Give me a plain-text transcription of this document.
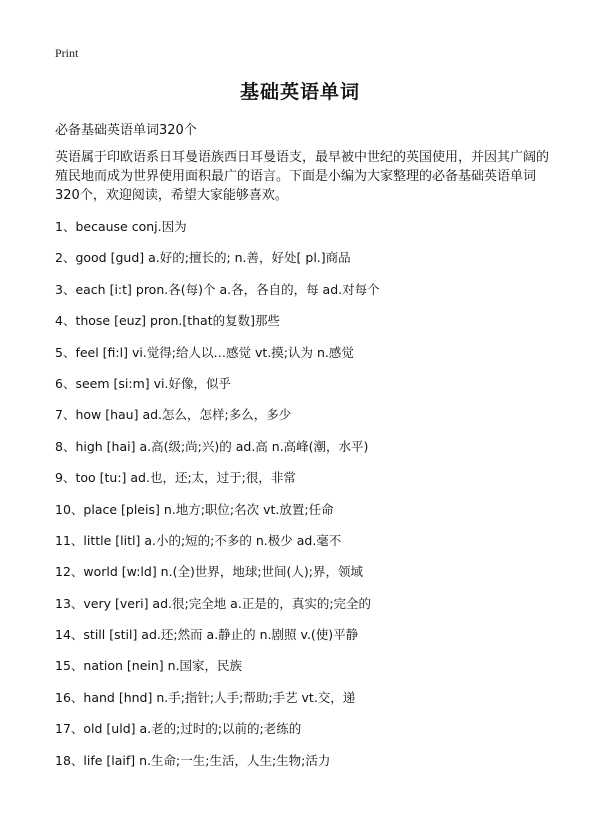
Print
基础英语单词

必备基础英语单词320个

英语属于印欧语系日耳曼语族西日耳曼语支，最早被中世纪的英国使用，并因其广阔的殖民地而成为世界使用面积最广的语言。下面是小编为大家整理的必备基础英语单词320个，欢迎阅读，希望大家能够喜欢。

1、because conj.因为
2、good [gud] a.好的;擅长的; n.善，好处[ pl.]商品
3、each [i:t] pron.各(每)个 a.各，各自的，每 ad.对每个
4、those [euz] pron.[that的复数]那些
5、feel [fi:l] vi.觉得;给人以…感觉 vt.摸;认为 n.感觉
6、seem [si:m] vi.好像，似乎
7、how [hau] ad.怎么，怎样;多么，多少
8、high [hai] a.高(级;尚;兴)的 ad.高 n.高峰(潮，水平)
9、too [tu:] ad.也，还;太，过于;很，非常
10、place [pleis] n.地方;职位;名次 vt.放置;任命
11、little [litl] a.小的;短的;不多的 n.极少 ad.毫不
12、world [w:ld] n.(全)世界，地球;世间(人);界，领域
13、very [veri] ad.很;完全地 a.正是的，真实的;完全的
14、still [stil] ad.还;然而 a.静止的 n.剧照 v.(使)平静
15、nation [nein] n.国家，民族
16、hand [hnd] n.手;指针;人手;帮助;手艺 vt.交，递
17、old [uld] a.老的;过时的;以前的;老练的
18、life [laif] n.生命;一生;生活，人生;生物;活力
